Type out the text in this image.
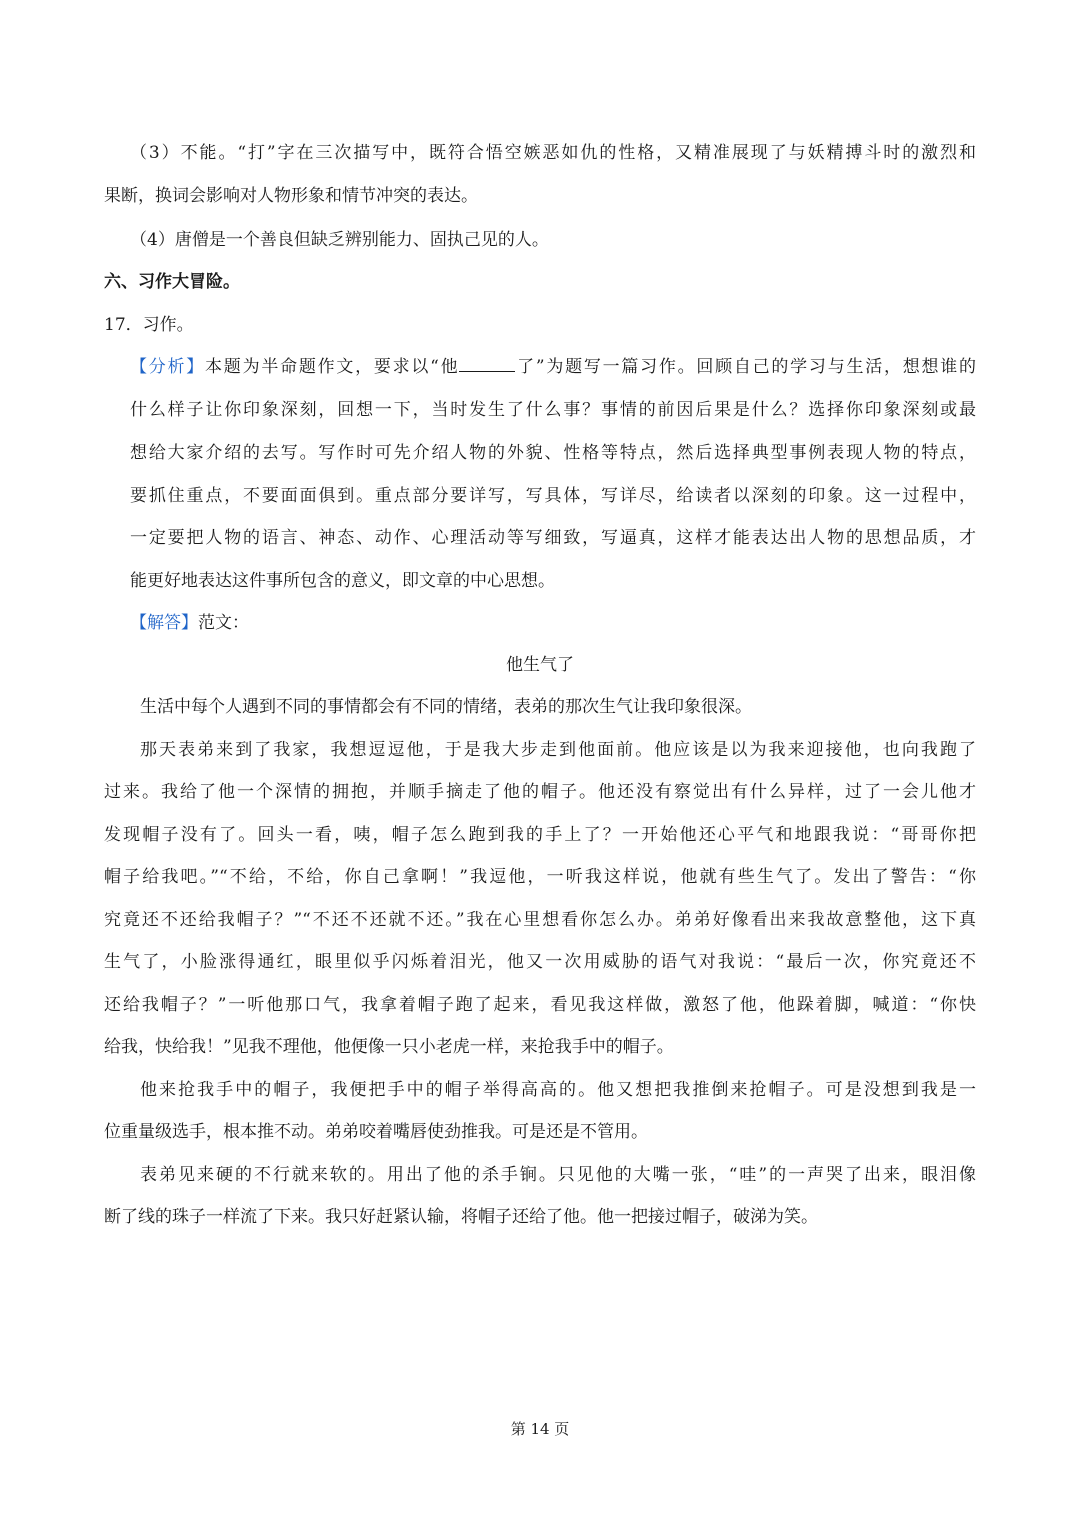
（3）不能。“打”字在三次描写中，既符合悟空嫉恶如仇的性格，又精准展现了与妖精搏斗时的激烈和
果断，换词会影响对人物形象和情节冲突的表达。
（4）唐僧是一个善良但缺乏辨别能力、固执己见的人。
六、习作大冒险。
17．习作。
【分析】本题为半命题作文，要求以“他	了”为题写一篇习作。回顾自己的学习与生活，想想谁的
什么样子让你印象深刻，回想一下，当时发生了什么事？事情的前因后果是什么？选择你印象深刻或最
想给大家介绍的去写。写作时可先介绍人物的外貌、性格等特点，然后选择典型事例表现人物的特点，
要抓住重点，不要面面俱到。重点部分要详写，写具体，写详尽，给读者以深刻的印象。这一过程中，
一定要把人物的语言、神态、动作、心理活动等写细致，写逼真，这样才能表达出人物的思想品质，才
能更好地表达这件事所包含的意义，即文章的中心思想。
【解答】范文：
他生气了
生活中每个人遇到不同的事情都会有不同的情绪，表弟的那次生气让我印象很深。
那天表弟来到了我家，我想逗逗他，于是我大步走到他面前。他应该是以为我来迎接他，也向我跑了
过来。我给了他一个深情的拥抱，并顺手摘走了他的帽子。他还没有察觉出有什么异样，过了一会儿他才
发现帽子没有了。回头一看，咦，帽子怎么跑到我的手上了？一开始他还心平气和地跟我说：“哥哥你把
帽子给我吧。”“不给，不给，你自己拿啊！”我逗他，一听我这样说，他就有些生气了。发出了警告：“你
究竟还不还给我帽子？”“不还不还就不还。”我在心里想看你怎么办。弟弟好像看出来我故意整他，这下真
生气了，小脸涨得通红，眼里似乎闪烁着泪光，他又一次用威胁的语气对我说：“最后一次，你究竟还不
还给我帽子？”一听他那口气，我拿着帽子跑了起来，看见我这样做，激怒了他，他跺着脚，喊道：“你快
给我，快给我！”见我不理他，他便像一只小老虎一样，来抢我手中的帽子。
他来抢我手中的帽子，我便把手中的帽子举得高高的。他又想把我推倒来抢帽子。可是没想到我是一
位重量级选手，根本推不动。弟弟咬着嘴唇使劲推我。可是还是不管用。
表弟见来硬的不行就来软的。用出了他的杀手锏。只见他的大嘴一张，“哇”的一声哭了出来，眼泪像
断了线的珠子一样流了下来。我只好赶紧认输，将帽子还给了他。他一把接过帽子，破涕为笑。
第 14 页
